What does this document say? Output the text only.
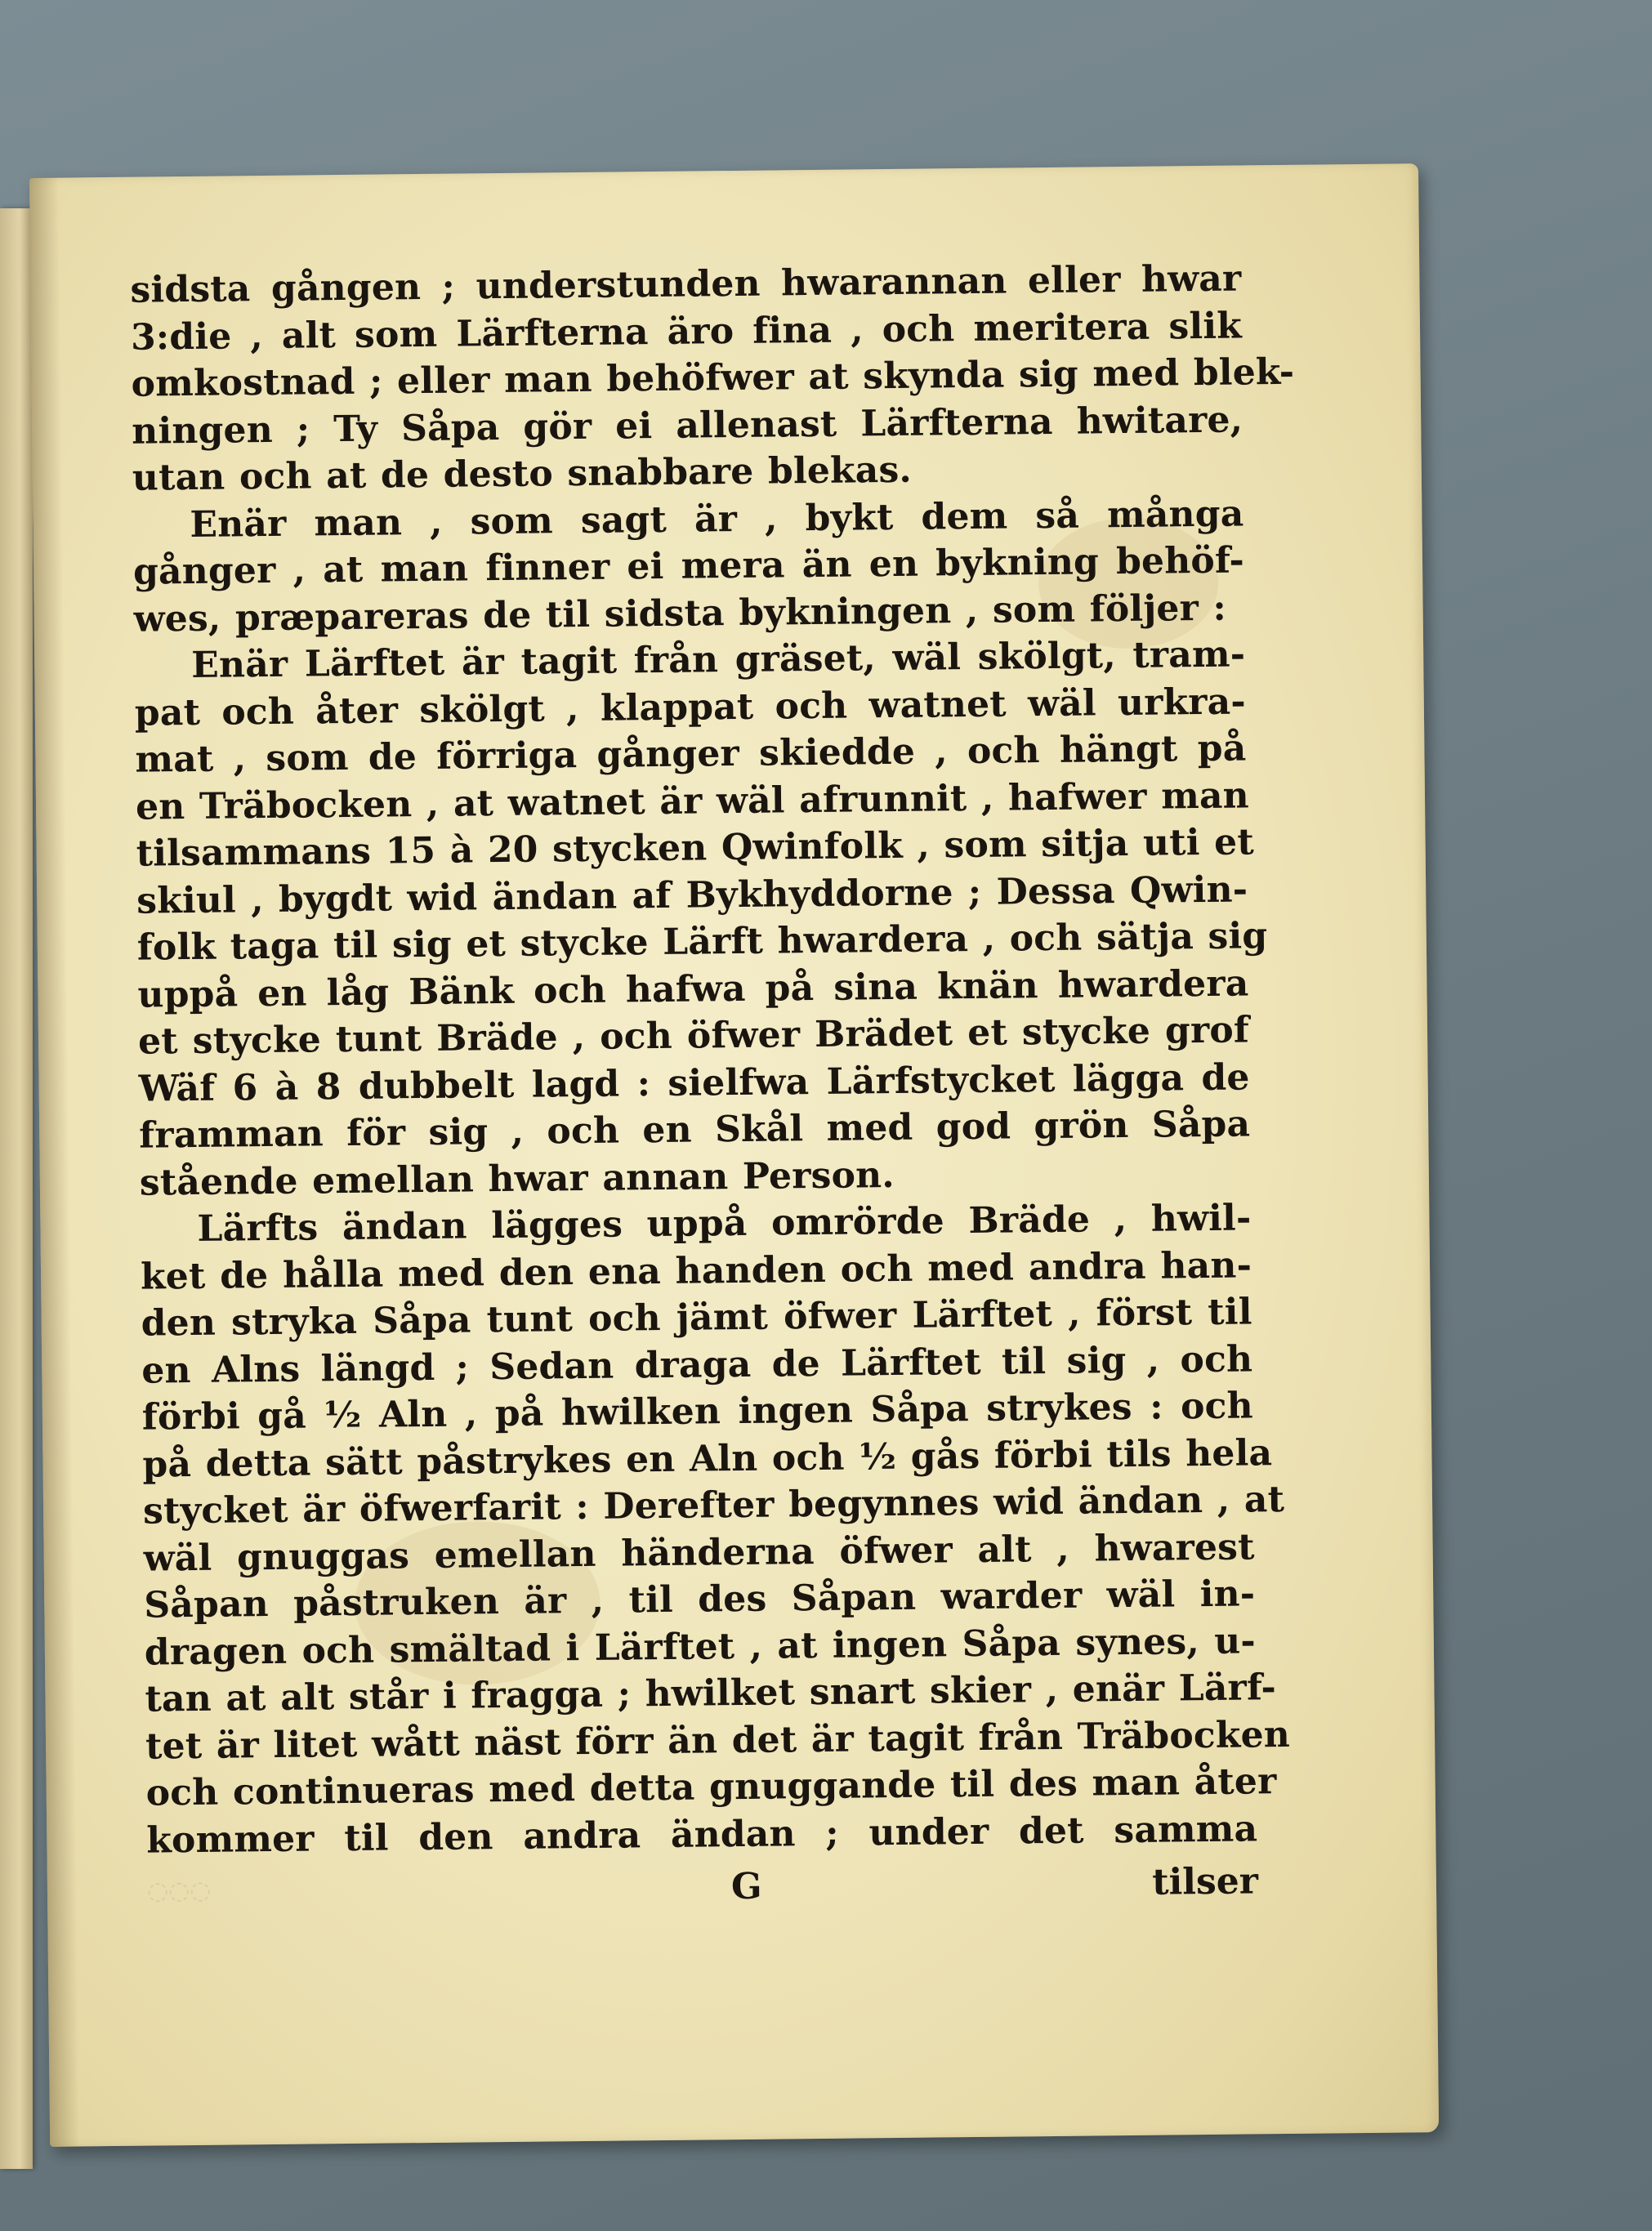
sidsta gången ; understunden hwarannan eller hwar
3:die , alt som Lärfterna äro fina , och meritera slik
omkostnad ; eller man behöfwer at skynda sig med blek-
ningen ; Ty Såpa gör ei allenast Lärfterna hwitare,
utan och at de desto snabbare blekas.
Enär man , som sagt är , bykt dem så många
gånger , at man finner ei mera än en bykning behöf-
wes, præpareras de til sidsta bykningen , som följer :
Enär Lärftet är tagit från gräset, wäl skölgt, tram-
pat och åter skölgt , klappat och watnet wäl urkra-
mat , som de förriga gånger skiedde , och hängt på
en Träbocken , at watnet är wäl afrunnit , hafwer man
tilsammans 15 à 20 stycken Qwinfolk , som sitja uti et
skiul , bygdt wid ändan af Bykhyddorne ; Dessa Qwin-
folk taga til sig et stycke Lärft hwardera , och sätja sig
uppå en låg Bänk och hafwa på sina knän hwardera
et stycke tunt Bräde , och öfwer Brädet et stycke grof
Wäf 6 à 8 dubbelt lagd : sielfwa Lärfstycket lägga de
framman för sig , och en Skål med god grön Såpa
stående emellan hwar annan Person.
Lärfts ändan lägges uppå omrörde Bräde , hwil-
ket de hålla med den ena handen och med andra han-
den stryka Såpa tunt och jämt öfwer Lärftet , först til
en Alns längd ; Sedan draga de Lärftet til sig , och
förbi gå ½ Aln , på hwilken ingen Såpa strykes : och
på detta sätt påstrykes en Aln och ½ gås förbi tils hela
stycket är öfwerfarit : Derefter begynnes wid ändan , at
wäl gnuggas emellan händerna öfwer alt , hwarest
Såpan påstruken är , til des Såpan warder wäl in-
dragen och smältad i Lärftet , at ingen Såpa synes, u-
tan at alt står i fragga ; hwilket snart skier , enär Lärf-
tet är litet wått näst förr än det är tagit från Träbocken
och continueras med detta gnuggande til des man åter
kommer til den andra ändan ; under det samma
◌◌◌	G	tilser
